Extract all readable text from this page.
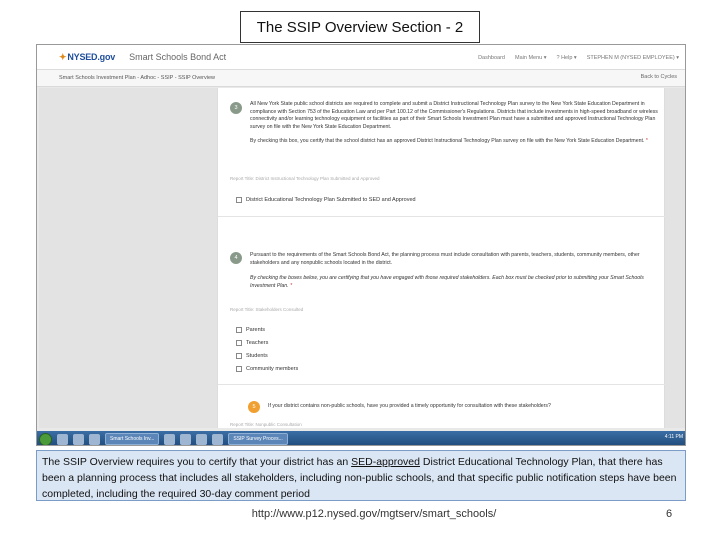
The SSIP Overview Section - 2
✦NYSED.gov Smart Schools Bond Act	Dashboard Main Menu ▾ ? Help ▾ STEPHEN M (NYSED EMPLOYEE) ▾
Smart Schools Investment Plan - Adhoc - SSIP - SSIP Overview	Back to Cycles
3
All New York State public school districts are required to complete and submit a District Instructional Technology Plan survey to the New York State Education Department in compliance with Section 753 of the Education Law and per Part 100.12 of the Commissioner's Regulations. Districts that include investments in high-speed broadband or wireless connectivity and/or learning technology equipment or facilities as part of their Smart Schools Investment Plan must have a submitted and approved Instructional Technology Plan survey on file with the New York State Education Department.
By checking this box, you certify that the school district has an approved District Instructional Technology Plan survey on file with the New York State Education Department. *
Report Title: District Instructional Technology Plan Submitted and Approved
District Educational Technology Plan Submitted to SED and Approved
4	Pursuant to the requirements of the Smart Schools Bond Act, the planning process must include consultation with parents, teachers, students, community members, other stakeholders and any nonpublic schools located in the district.
By checking the boxes below, you are certifying that you have engaged with those required stakeholders. Each box must be checked prior to submitting your Smart Schools Investment Plan. *
Report Title: Stakeholders Consulted
Parents
Teachers
Students
Community members
5	If your district contains non-public schools, have you provided a timely opportunity for consultation with these stakeholders?
Report Title: Nonpublic Consultation
Smart Schools Inv...	SSIP Survey Proces...	4:11 PM
The SSIP Overview requires you to certify that your district has an SED-approved District Educational Technology Plan, that there has been a planning process that includes all stakeholders, including non-public schools, and that specific public notification steps have been completed, including the required 30-day comment period
http://www.p12.nysed.gov/mgtserv/smart_schools/	6
